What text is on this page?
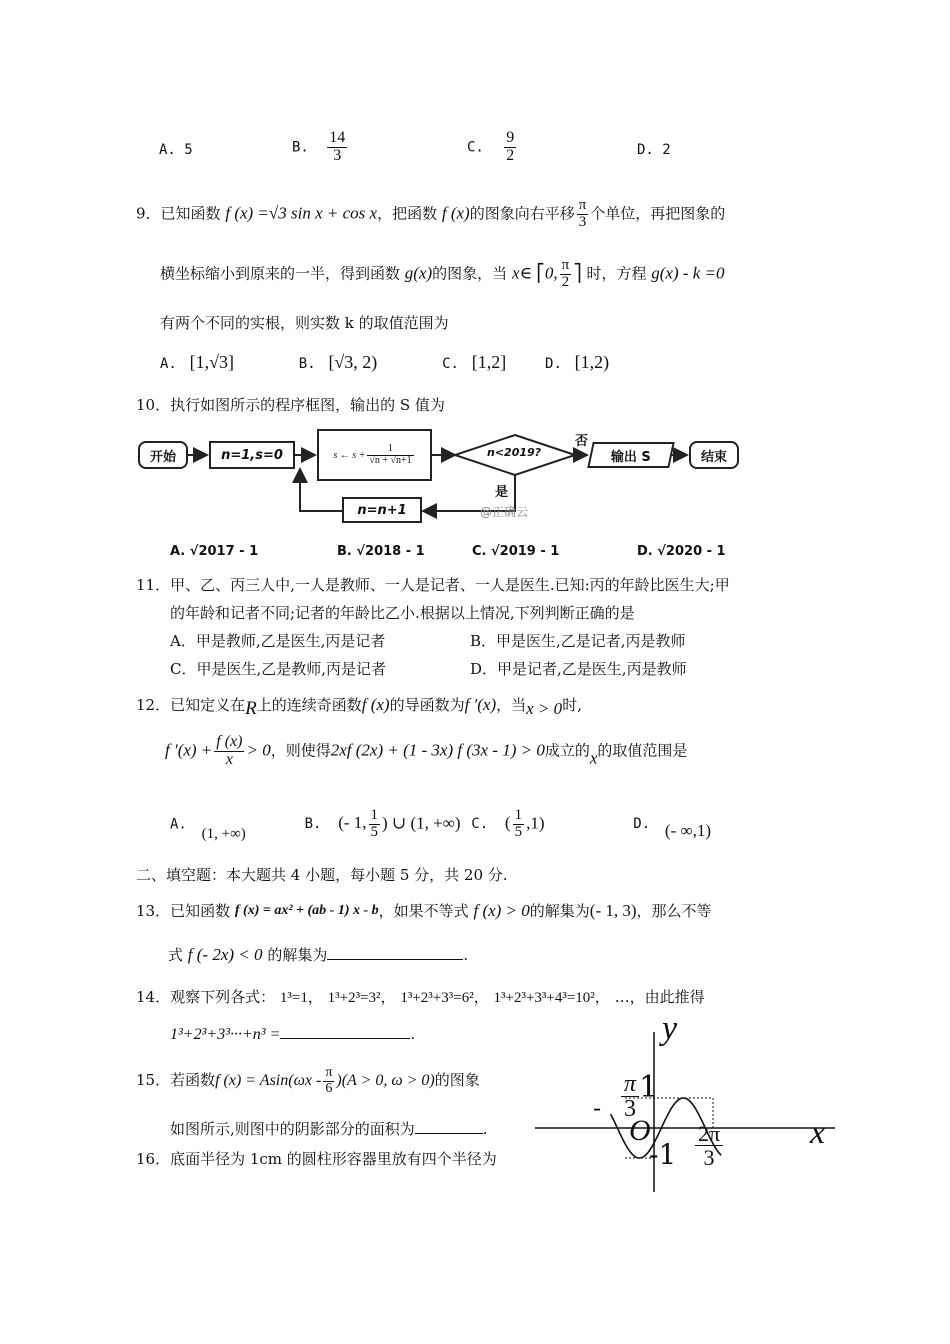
A. 5	B. $\frac{14}{3}$	C. $\frac{9}{2}$	D. 2
9．已知函数 f (x) =√3 sin x + cos x，把函数 f (x)的图象向右平移 $\frac{\pi}{3}$ 个单位，再把图象的
横坐标缩小到原来的一半，得到函数 g(x)的图象，当 x∈ ⎡0, $\frac{\pi}{2}$ ⎤ 时，方程 g(x) - k =0
有两个不同的实根，则实数 k 的取值范围为
A. [1,√3]	B. [√3, 2)	C. [1,2]	D. [1,2)
10．执行如图所示的程序框图，输出的 S 值为
开始	n=1,s=0	s ← $s + \frac{1}{√n + √n+1}$	n<2019?
否
是
输出 S	结束
n=n+1	@正确云
A. √2017 - 1	B. √2018 - 1	C. √2019 - 1	D. √2020 - 1
11．甲、乙、丙三人中,一人是教师、一人是记者、一人是医生.已知:丙的年龄比医生大;甲
的年龄和记者不同;记者的年龄比乙小.根据以上情况,下列判断正确的是
A．甲是教师,乙是医生,丙是记者	B．甲是医生,乙是记者,丙是教师
C．甲是医生,乙是教师,丙是记者	D．甲是记者,乙是医生,丙是教师
12．已知定义在R上的连续奇函数f (x)的导函数为f ′(x)，当x > 0时,
f $'(x) + \frac{f (x)}{x} > 0$，则使得2xf (2x) + (1 - 3x) f (3x - 1) > 0成立的x的取值范围是
A. (1, +∞) B. (- 1, $\frac{1}{5}$ ) ∪ (1, +∞) C. ( $\frac{1}{5} ,1$)	D. (- ∞,1)
二、填空题：本大题共 4 小题，每小题 5 分，共 20 分.
13．已知函数 f (x) = ax² + (ab - 1) x - b，如果不等式 f (x) > 0的解集为(- 1, 3)，那么不等
式 f (- 2x) < 0 的解集为	.
14．观察下列各式： 1³=1， 1³+2³=3²， 1³+2³+3³=6²， 1³+2³+3³+4³=10²， …，由此推得
1³+2³+3³···+n³ =	.
15．若函数f $(x) = Asin(\omega x - \frac{\pi}{6} )(A > 0$, ω > 0)的图象
如图所示,则图中的阴影部分的面积为	.
y
x
O
1
-1
-
π
3
2π
3
16．底面半径为 1cm 的圆柱形容器里放有四个半径为
